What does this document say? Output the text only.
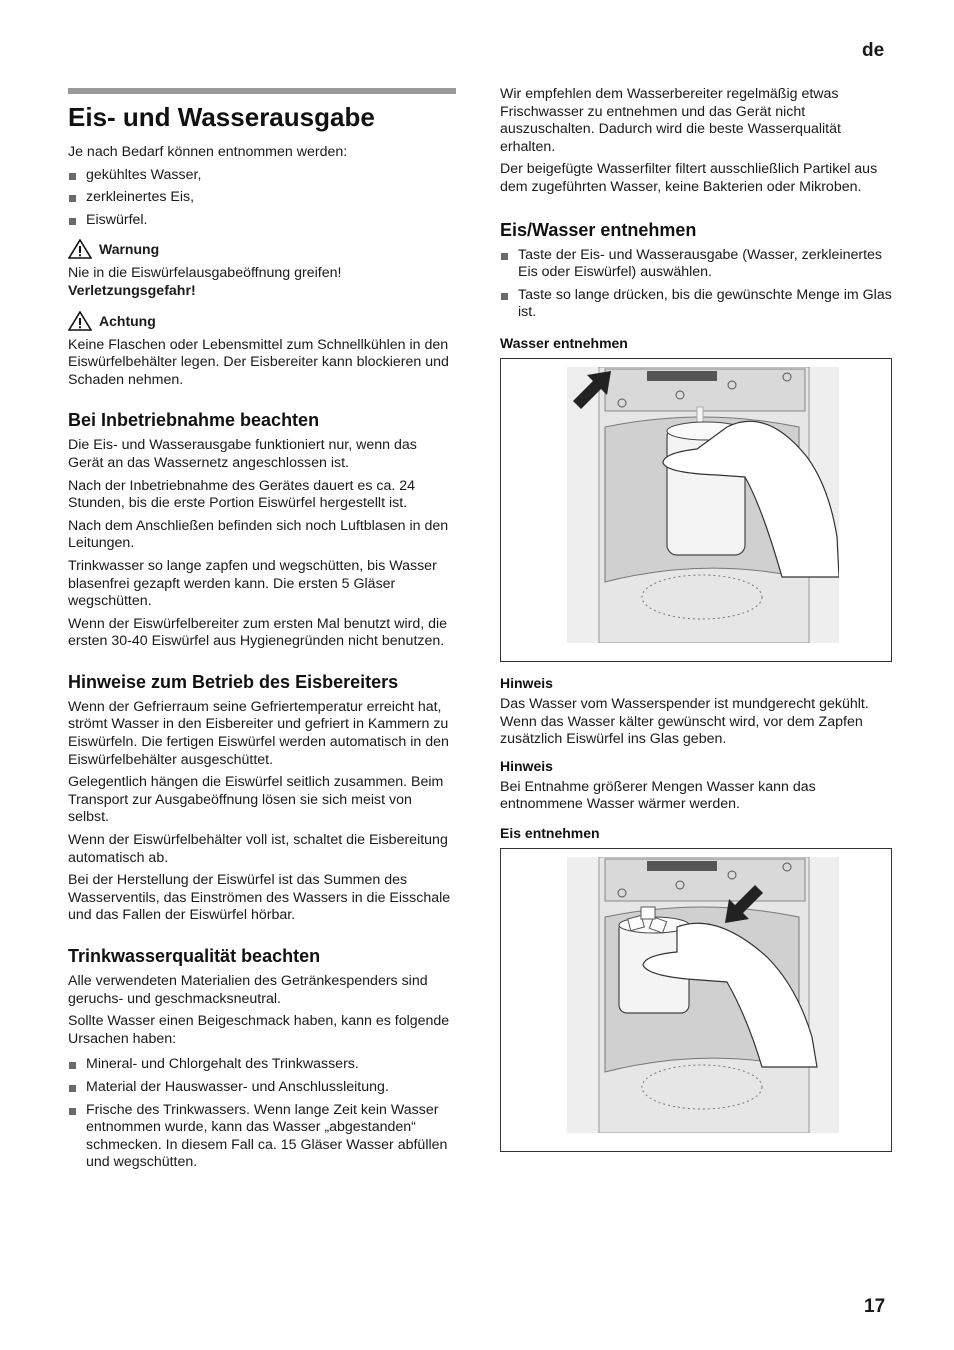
de
Eis- und Wasserausgabe

Je nach Bedarf können entnommen werden:

gekühltes Wasser,
zerkleinertes Eis,
Eiswürfel.
Warnung

Nie in die Eiswürfelausgabeöffnung greifen!
Verletzungsgefahr!

Achtung

Keine Flaschen oder Lebensmittel zum Schnellkühlen in den Eiswürfelbehälter legen. Der Eisbereiter kann blockieren und Schaden nehmen.

Bei Inbetriebnahme beachten

Die Eis- und Wasserausgabe funktioniert nur, wenn das Gerät an das Wassernetz angeschlossen ist.

Nach der Inbetriebnahme des Gerätes dauert es ca. 24 Stunden, bis die erste Portion Eiswürfel hergestellt ist.

Nach dem Anschließen befinden sich noch Luftblasen in den Leitungen.

Trinkwasser so lange zapfen und wegschütten, bis Wasser blasenfrei gezapft werden kann. Die ersten 5 Gläser wegschütten.

Wenn der Eiswürfelbereiter zum ersten Mal benutzt wird, die ersten 30-40 Eiswürfel aus Hygienegründen nicht benutzen.

Hinweise zum Betrieb des Eisbereiters

Wenn der Gefrierraum seine Gefriertemperatur erreicht hat, strömt Wasser in den Eisbereiter und gefriert in Kammern zu Eiswürfeln. Die fertigen Eiswürfel werden automatisch in den Eiswürfelbehälter ausgeschüttet.

Gelegentlich hängen die Eiswürfel seitlich zusammen. Beim Transport zur Ausgabeöffnung lösen sie sich meist von selbst.

Wenn der Eiswürfelbehälter voll ist, schaltet die Eisbereitung automatisch ab.

Bei der Herstellung der Eiswürfel ist das Summen des Wasserventils, das Einströmen des Wassers in die Eisschale und das Fallen der Eiswürfel hörbar.

Trinkwasserqualität beachten

Alle verwendeten Materialien des Getränkespenders sind geruchs- und geschmacksneutral.

Sollte Wasser einen Beigeschmack haben, kann es folgende Ursachen haben:

Mineral- und Chlorgehalt des Trinkwassers.
Material der Hauswasser- und Anschlussleitung.
Frische des Trinkwassers. Wenn lange Zeit kein Wasser entnommen wurde, kann das Wasser „abgestanden“ schmecken. In diesem Fall ca. 15 Gläser Wasser abfüllen und wegschütten.

Wir empfehlen dem Wasserbereiter regelmäßig etwas Frischwasser zu entnehmen und das Gerät nicht auszuschalten. Dadurch wird die beste Wasserqualität erhalten.

Der beigefügte Wasserfilter filtert ausschließlich Partikel aus dem zugeführten Wasser, keine Bakterien oder Mikroben.

Eis/Wasser entnehmen
Taste der Eis- und Wasserausgabe (Wasser, zerkleinertes Eis oder Eiswürfel) auswählen.
Taste so lange drücken, bis die gewünschte Menge im Glas ist.
Wasser entnehmen
Hinweis

Das Wasser vom Wasserspender ist mundgerecht gekühlt. Wenn das Wasser kälter gewünscht wird, vor dem Zapfen zusätzlich Eiswürfel ins Glas geben.

Hinweis

Bei Entnahme größerer Mengen Wasser kann das entnommene Wasser wärmer werden.

Eis entnehmen
17
